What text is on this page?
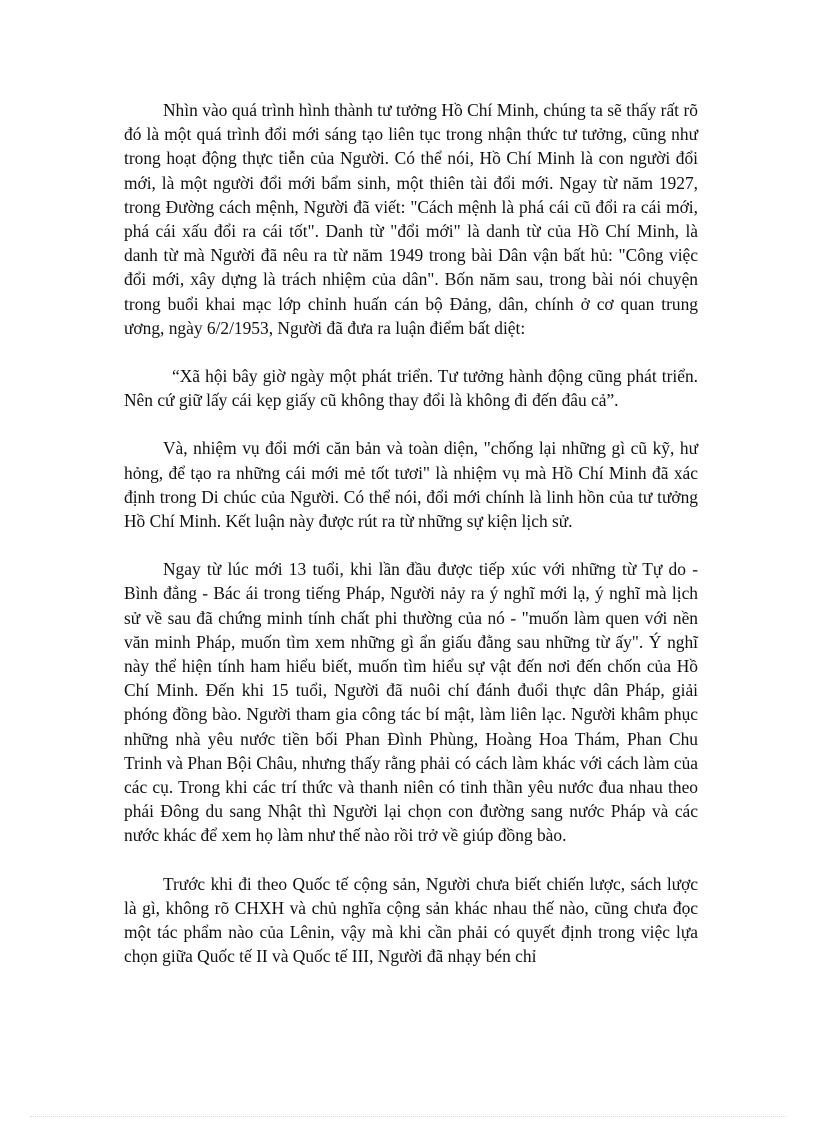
Nhìn vào quá trình hình thành tư tưởng Hồ Chí Minh, chúng ta sẽ thấy rất rõ đó là một quá trình đổi mới sáng tạo liên tục trong nhận thức tư tưởng, cũng như trong hoạt động thực tiễn của Người. Có thể nói, Hồ Chí Minh là con người đổi mới, là một người đổi mới bẩm sinh, một thiên tài đổi mới. Ngay từ năm 1927, trong Đường cách mệnh, Người đã viết: "Cách mệnh là phá cái cũ đổi ra cái mới, phá cái xấu đổi ra cái tốt". Danh từ "đổi mới" là danh từ của Hồ Chí Minh, là danh từ mà Người đã nêu ra từ năm 1949 trong bài Dân vận bất hủ: "Công việc đổi mới, xây dựng là trách nhiệm của dân". Bốn năm sau, trong bài nói chuyện trong buổi khai mạc lớp chỉnh huấn cán bộ Đảng, dân, chính ở cơ quan trung ương, ngày 6/2/1953, Người đã đưa ra luận điểm bất diệt:

“Xã hội bây giờ ngày một phát triển. Tư tưởng hành động cũng phát triển. Nên cứ giữ lấy cái kẹp giấy cũ không thay đổi là không đi đến đâu cả”.

Và, nhiệm vụ đổi mới căn bản và toàn diện, "chống lại những gì cũ kỹ, hư hỏng, để tạo ra những cái mới mẻ tốt tươi" là nhiệm vụ mà Hồ Chí Minh đã xác định trong Di chúc của Người. Có thể nói, đổi mới chính là linh hồn của tư tưởng Hồ Chí Minh. Kết luận này được rút ra từ những sự kiện lịch sử.

Ngay từ lúc mới 13 tuổi, khi lần đầu được tiếp xúc với những từ Tự do - Bình đẳng - Bác ái trong tiếng Pháp, Người nảy ra ý nghĩ mới lạ, ý nghĩ mà lịch sử về sau đã chứng minh tính chất phi thường của nó - "muốn làm quen với nền văn minh Pháp, muốn tìm xem những gì ẩn giấu đằng sau những từ ấy". Ý nghĩ này thể hiện tính ham hiểu biết, muốn tìm hiểu sự vật đến nơi đến chốn của Hồ Chí Minh. Đến khi 15 tuổi, Người đã nuôi chí đánh đuổi thực dân Pháp, giải phóng đồng bào. Người tham gia công tác bí mật, làm liên lạc. Người khâm phục những nhà yêu nước tiền bối Phan Đình Phùng, Hoàng Hoa Thám, Phan Chu Trinh và Phan Bội Châu, nhưng thấy rằng phải có cách làm khác với cách làm của các cụ. Trong khi các trí thức và thanh niên có tinh thần yêu nước đua nhau theo phái Đông du sang Nhật thì Người lại chọn con đường sang nước Pháp và các nước khác để xem họ làm như thế nào rồi trở về giúp đồng bào.

Trước khi đi theo Quốc tế cộng sản, Người chưa biết chiến lược, sách lược là gì, không rõ CHXH và chủ nghĩa cộng sản khác nhau thế nào, cũng chưa đọc một tác phẩm nào của Lênin, vậy mà khi cần phải có quyết định trong việc lựa chọn giữa Quốc tế II và Quốc tế III, Người đã nhạy bén chỉ
